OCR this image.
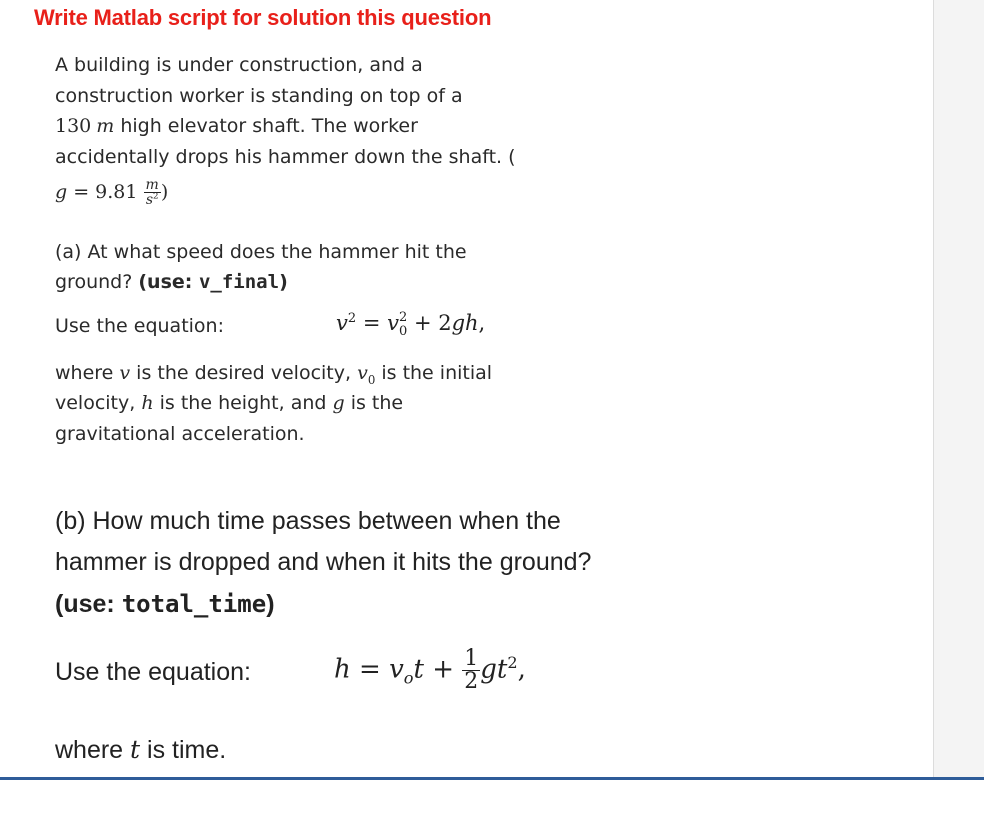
Write Matlab script for solution this question

A building is under construction, and a

construction worker is standing on top of a

130 m high elevator shaft. The worker

accidentally drops his hammer down the shaft. (

$g = 9.81 \frac{m}{s^2}$ )

(a) At what speed does the hammer hit the

ground? (use: v_final)

Use the equation:	$v^2 = v$ 2
0 + 2gh,

where v is the desired velocity, $v_0$ is the initial

velocity, h is the height, and g is the

gravitational acceleration.

(b) How much time passes between when the

hammer is dropped and when it hits the ground?

(use: total_time)

Use the equation:	$h = v_ot + \frac{1}{2} gt^2$,

where t is time.
